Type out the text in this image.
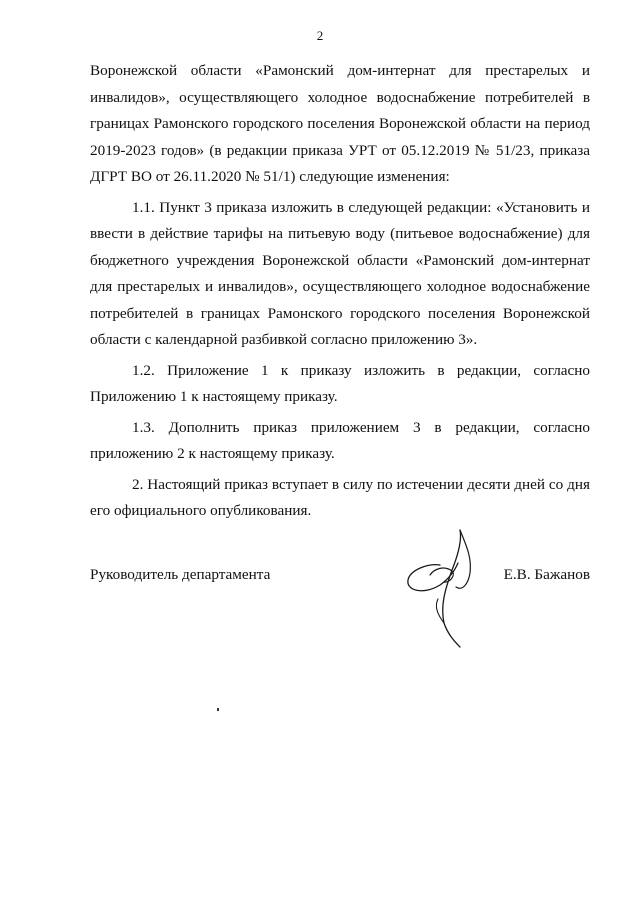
2

Воронежской области «Рамонский дом-интернат для престарелых и инвалидов», осуществляющего холодное водоснабжение потребителей в границах Рамонского городского поселения Воронежской области на период 2019-2023 годов» (в редакции приказа УРТ от 05.12.2019 № 51/23, приказа ДГРТ ВО от 26.11.2020 № 51/1) следующие изменения:

1.1. Пункт 3 приказа изложить в следующей редакции: «Установить и ввести в действие тарифы на питьевую воду (питьевое водоснабжение) для бюджетного учреждения Воронежской области «Рамонский дом-интернат для престарелых и инвалидов», осуществляющего холодное водоснабжение потребителей в границах Рамонского городского поселения Воронежской области с календарной разбивкой согласно приложению 3».

1.2. Приложение 1 к приказу изложить в редакции, согласно Приложению 1 к настоящему приказу.

1.3. Дополнить приказ приложением 3 в редакции, согласно приложению 2 к настоящему приказу.

2. Настоящий приказ вступает в силу по истечении десяти дней со дня его официального опубликования.

Руководитель департамента	Е.В. Бажанов
